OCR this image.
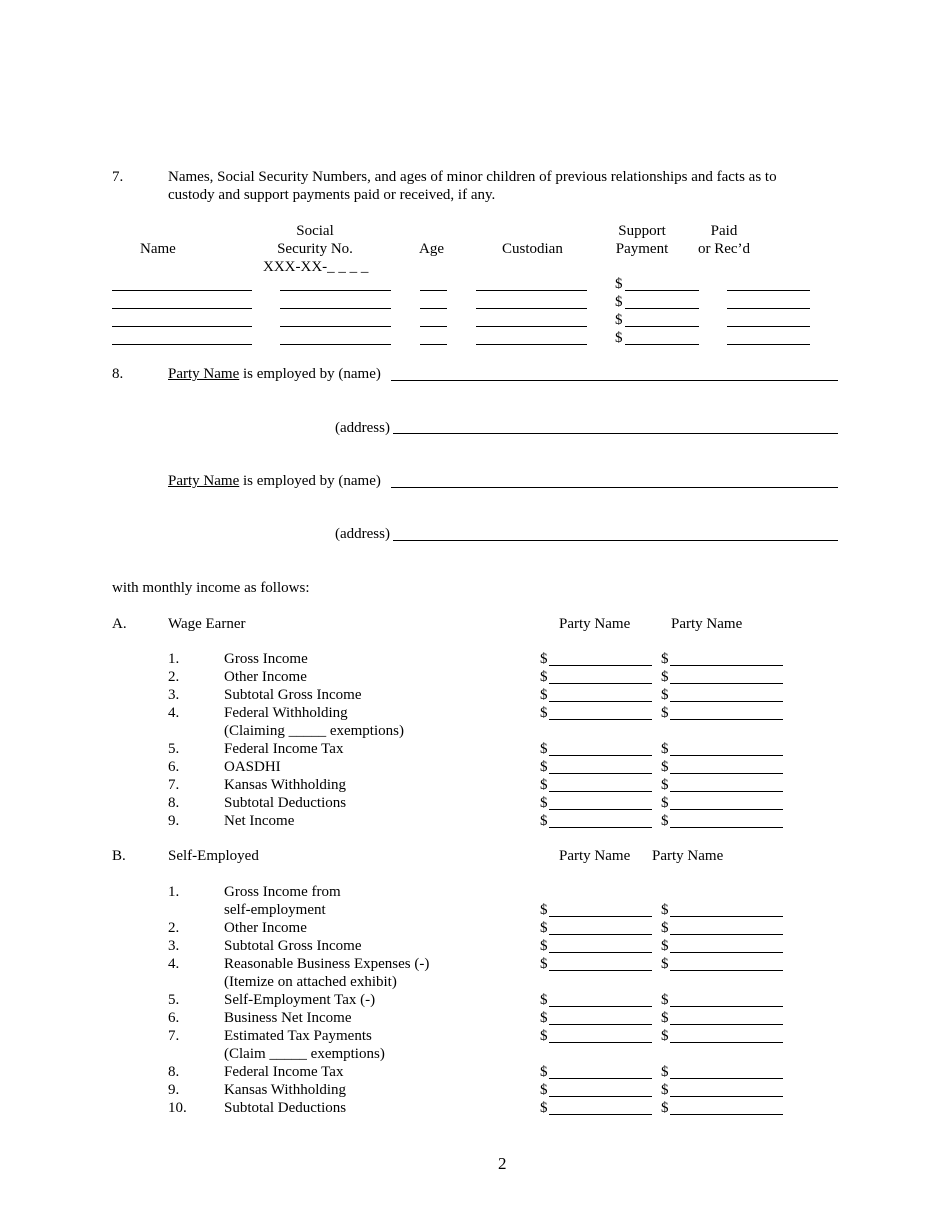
7.	Names, Social Security Numbers, and ages of minor children of previous relationships and facts as to
custody and support payments paid or received, if any.
Social	Support	Paid
Name	Security No.	Age	Custodian	Payment	or Rec’d
XXX-XX-_ _ _ _
$
$
$
$
8.	Party Name is employed by (name)
(address)
Party Name is employed by (name)
(address)
with monthly income as follows:
A.	Wage Earner	Party Name	Party Name
1.	Gross Income	$	$
2.	Other Income	$	$
3.	Subtotal Gross Income	$	$
4.	Federal Withholding	$	$
(Claiming _____ exemptions)
5.	Federal Income Tax	$	$
6.	OASDHI	$	$
7.	Kansas Withholding	$	$
8.	Subtotal Deductions	$	$
9.	Net Income	$	$
B.	Self-Employed	Party Name Party Name
1.	Gross Income from
self-employment	$	$
2.	Other Income	$	$
3.	Subtotal Gross Income	$	$
4.	Reasonable Business Expenses (-)	$	$
(Itemize on attached exhibit)
5.	Self-Employment Tax (-)	$	$
6.	Business Net Income	$	$
7.	Estimated Tax Payments	$	$
(Claim _____ exemptions)
8.	Federal Income Tax	$	$
9.	Kansas Withholding	$	$
10. Subtotal Deductions	$	$
2
